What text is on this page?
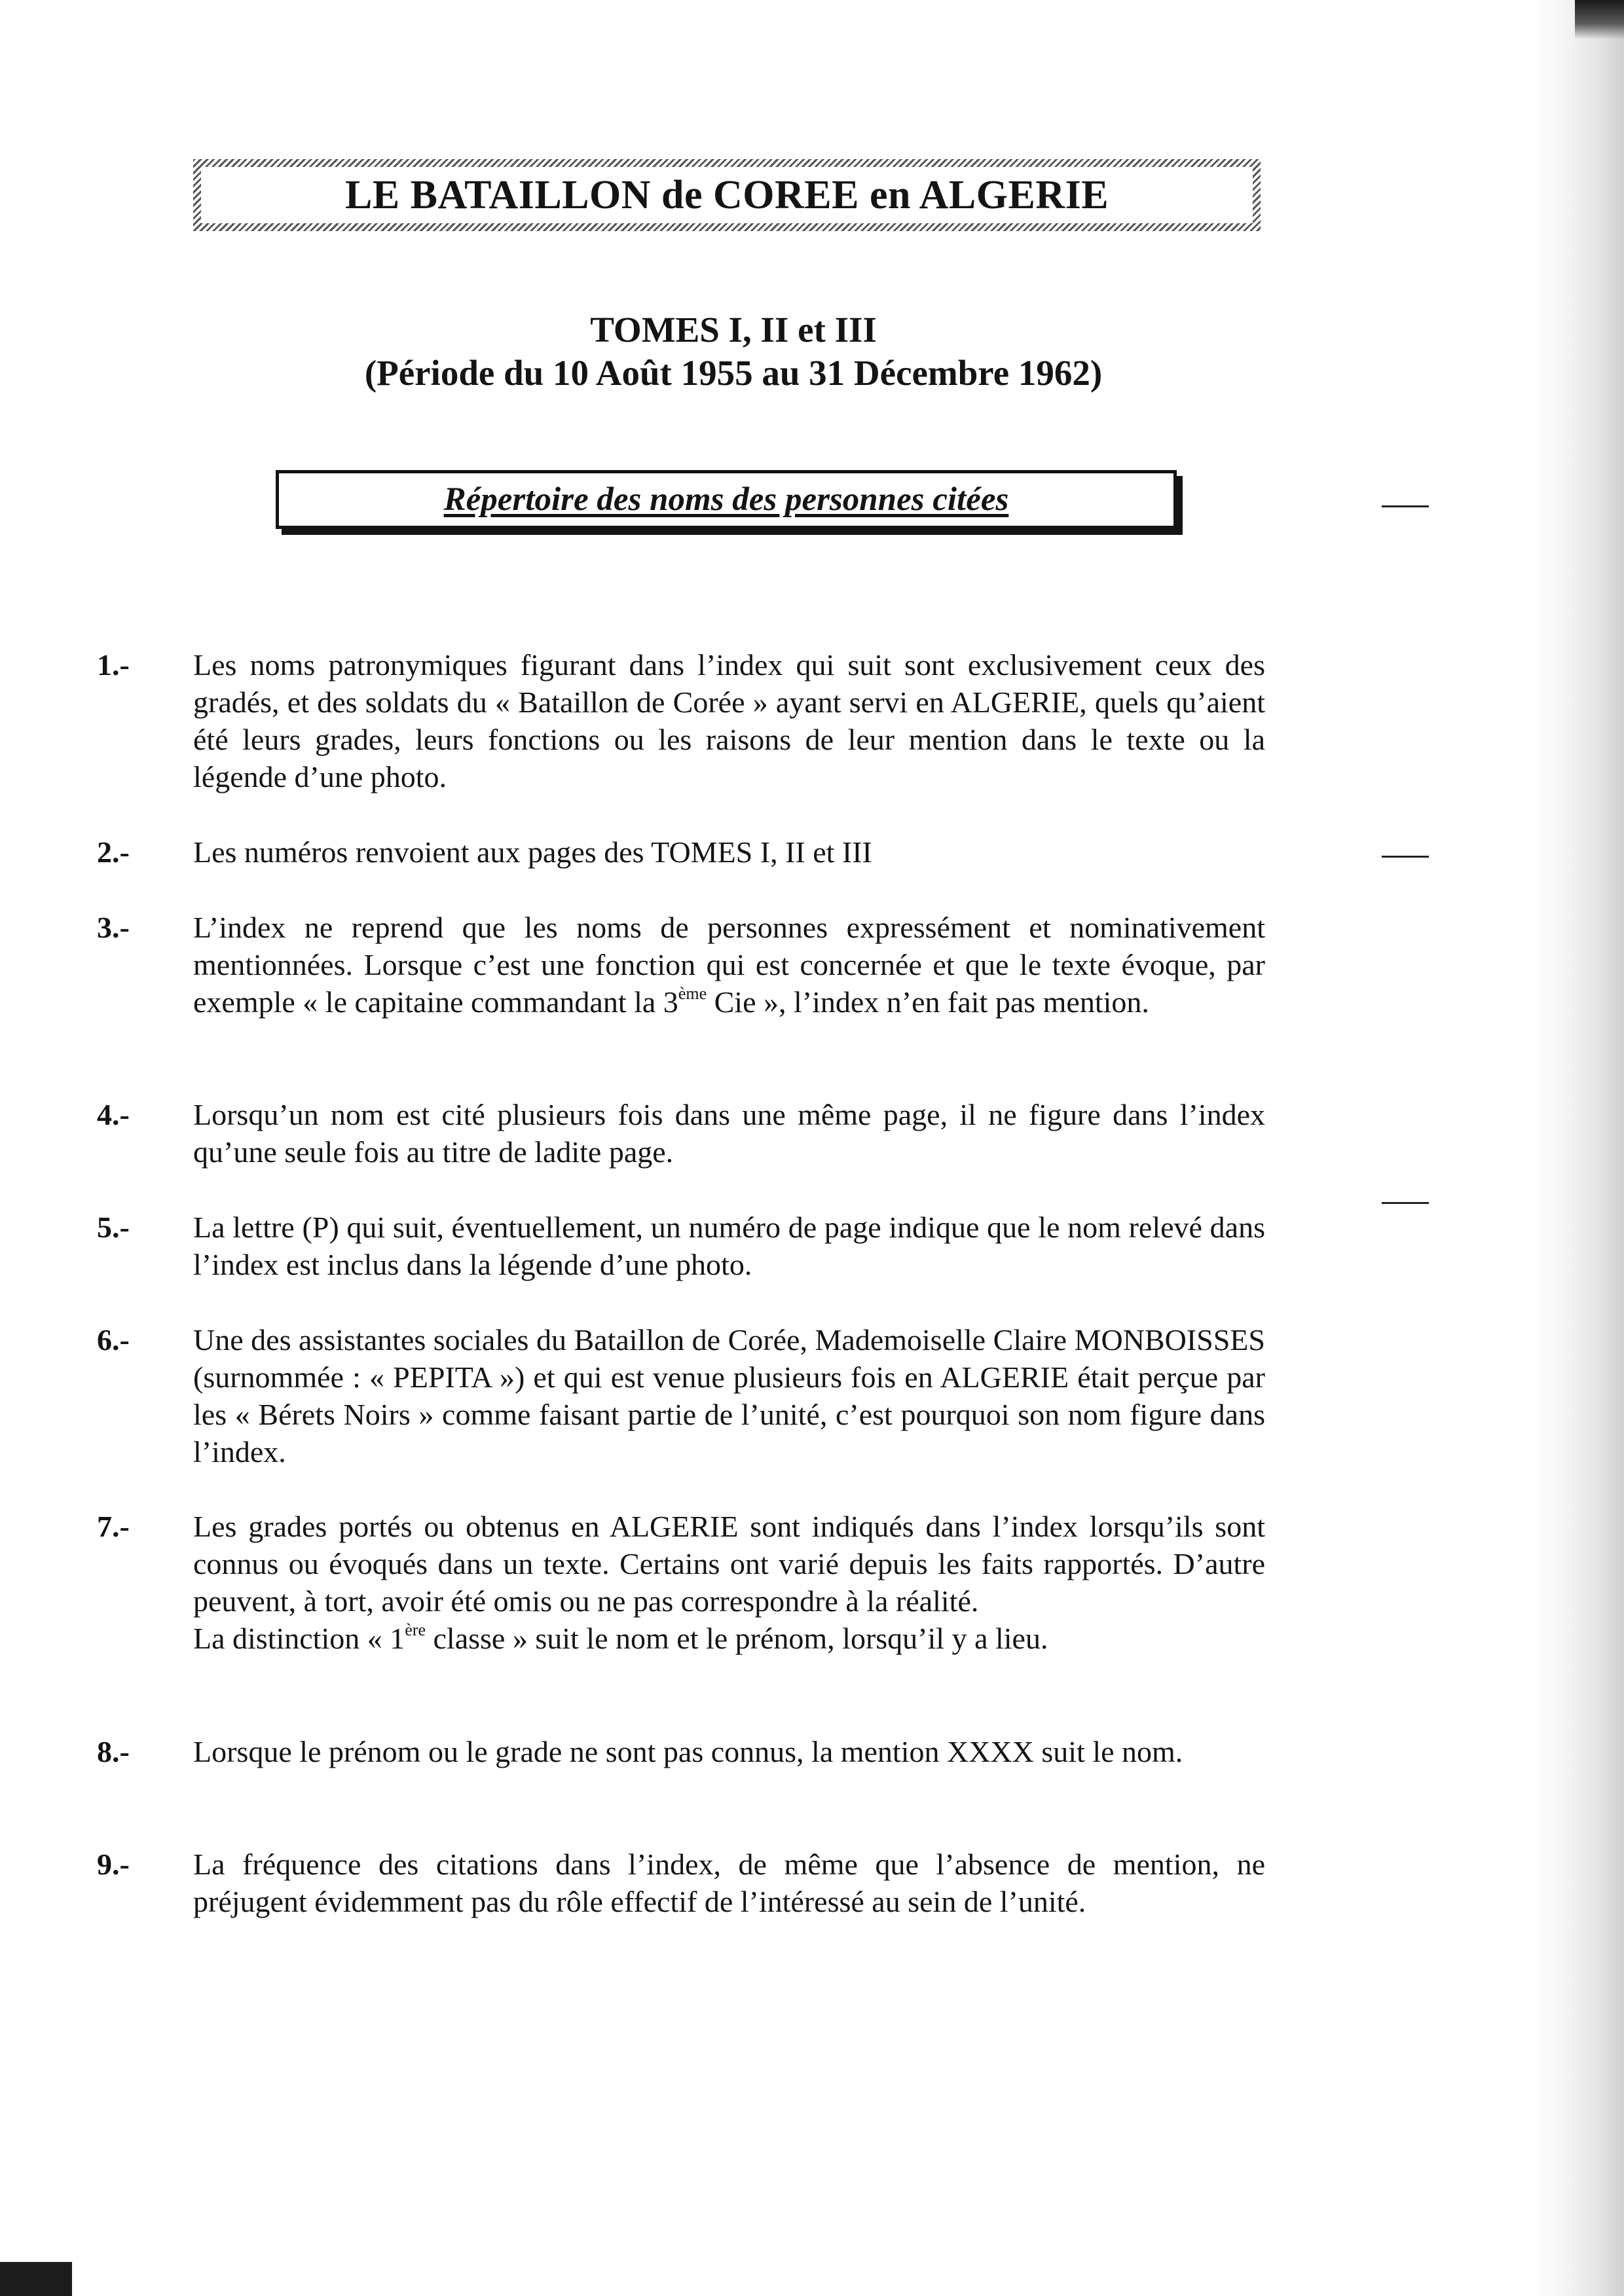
LE BATAILLON de COREE en ALGERIE
TOMES I, II et III
(Période du 10 Août 1955 au 31 Décembre 1962)
Répertoire des noms des personnes citées
1.- Les noms patronymiques figurant dans l’index qui suit sont exclusivement ceux des gradés, et des soldats du « Bataillon de Corée » ayant servi en ALGERIE, quels qu’aient été leurs grades, leurs fonctions ou les raisons de leur mention dans le texte ou la légende d’une photo.
2.- Les numéros renvoient aux pages des TOMES I, II et III
3.- L’index ne reprend que les noms de personnes expressément et nominativement mentionnées. Lorsque c’est une fonction qui est concernée et que le texte évoque, par exemple « le capitaine commandant la 3ème Cie », l’index n’en fait pas mention.
4.- Lorsqu’un nom est cité plusieurs fois dans une même page, il ne figure dans l’index qu’une seule fois au titre de ladite page.
5.- La lettre (P) qui suit, éventuellement, un numéro de page indique que le nom relevé dans l’index est inclus dans la légende d’une photo.
6.- Une des assistantes sociales du Bataillon de Corée, Mademoiselle Claire MONBOISSES (surnommée : « PEPITA ») et qui est venue plusieurs fois en ALGERIE était perçue par les « Bérets Noirs » comme faisant partie de l’unité, c’est pourquoi son nom figure dans l’index.
7.- Les grades portés ou obtenus en ALGERIE sont indiqués dans l’index lorsqu’ils sont connus ou évoqués dans un texte. Certains ont varié depuis les faits rapportés. D’autre peuvent, à tort, avoir été omis ou ne pas correspondre à la réalité.
La distinction « 1ère classe » suit le nom et le prénom, lorsqu’il y a lieu.
8.- Lorsque le prénom ou le grade ne sont pas connus, la mention XXXX suit le nom.
9.- La fréquence des citations dans l’index, de même que l’absence de mention, ne préjugent évidemment pas du rôle effectif de l’intéressé au sein de l’unité.
